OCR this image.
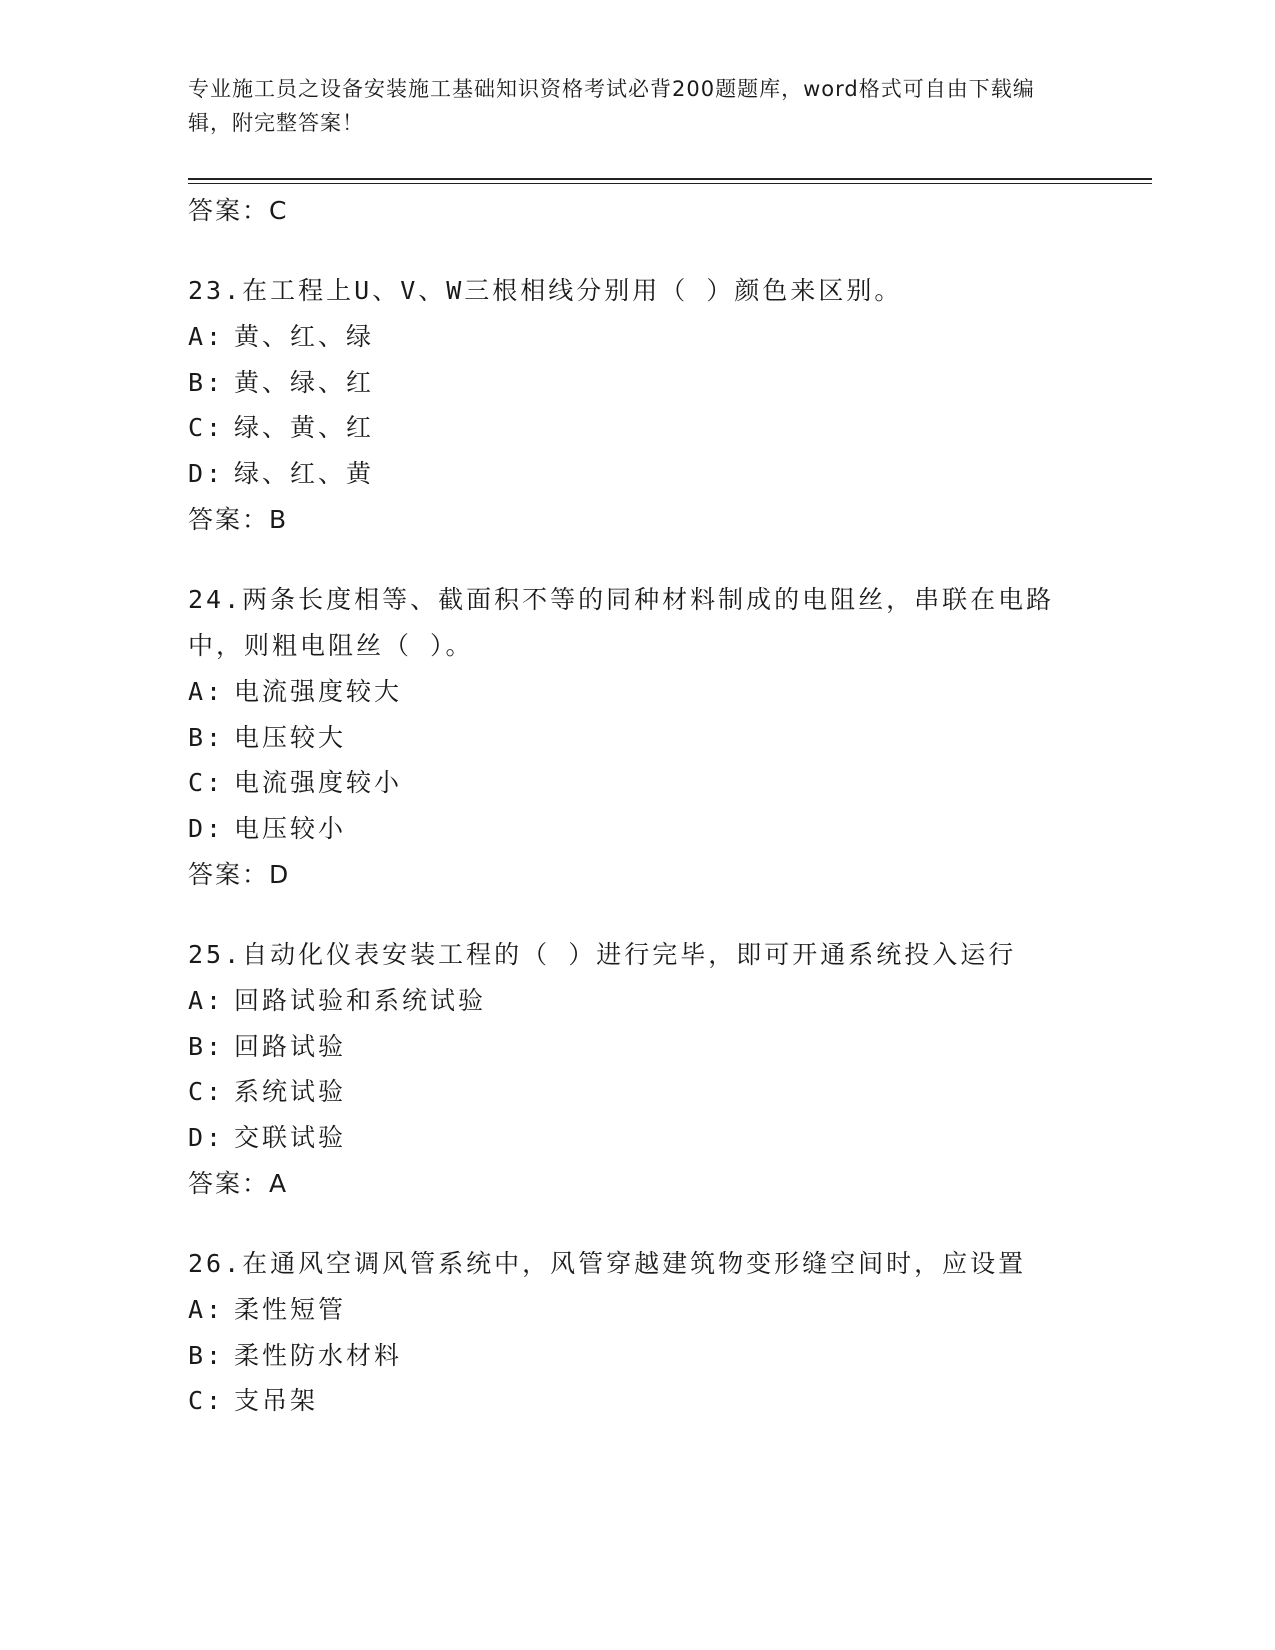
专业施工员之设备安装施工基础知识资格考试必背200题题库，word格式可自由下载编辑，附完整答案！
答案：C
23.在工程上U、V、W三根相线分别用（ ）颜色来区别。
A: 黄、红、绿
B: 黄、绿、红
C: 绿、黄、红
D: 绿、红、黄
答案：B
24.两条长度相等、截面积不等的同种材料制成的电阻丝，串联在电路中，则粗电阻丝（ ）。
A: 电流强度较大
B: 电压较大
C: 电流强度较小
D: 电压较小
答案：D
25.自动化仪表安装工程的（ ）进行完毕，即可开通系统投入运行
A: 回路试验和系统试验
B: 回路试验
C: 系统试验
D: 交联试验
答案：A
26.在通风空调风管系统中，风管穿越建筑物变形缝空间时，应设置
A: 柔性短管
B: 柔性防水材料
C: 支吊架
